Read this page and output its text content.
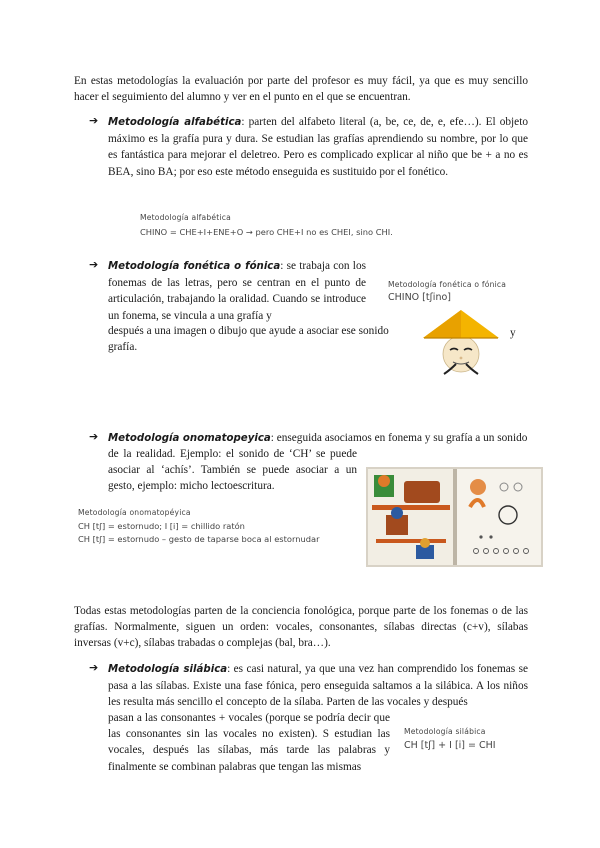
En estas metodologías la evaluación por parte del profesor es muy fácil, ya que es muy sencillo hacer el seguimiento del alumno y ver en el punto en el que se encuentran.

➔ Metodología alfabética: parten del alfabeto literal (a, be, ce, de, e, efe…). El objeto máximo es la grafía pura y dura. Se estudian las grafías aprendiendo su nombre, por lo que es fantástica para mejorar el deletreo. Pero es complicado explicar al niño que be + a no es BEA, sino BA; por eso este método enseguida es sustituido por el fonético.

Metodología alfabética
CHINO = CHE+I+ENE+O → pero CHE+I no es CHEI, sino CHI.
➔ Metodología fonética o fónica: se trabaja con los fonemas de las letras, pero se centran en el punto de articulación, trabajando la oralidad. Cuando se introduce un fonema, se vincula a una grafía y

después a una imagen o dibujo que ayude a asociar ese sonido grafía.

Metodología fonética o fónica
CHINO [tʃino]
y
➔ Metodología onomatopeyica: enseguida asociamos en fonema y su grafía a un sonido

de la realidad. Ejemplo: el sonido de ‘CH’ se puede asociar al ‘achís’. También se puede asociar a un gesto, ejemplo: micho lectoescritura.

Metodología onomatopéyica
CH [tʃ] = estornudo; I [i] = chillido ratón
CH [tʃ] = estornudo – gesto de taparse boca al estornudar

Todas estas metodologías parten de la conciencia fonológica, porque parte de los fonemas o de las grafías. Normalmente, siguen un orden: vocales, consonantes, sílabas directas (c+v), sílabas inversas (v+c), sílabas trabadas o complejas (bal, bra…).

➔ Metodología silábica: es casi natural, ya que una vez han comprendido los fonemas se pasa a las sílabas. Existe una fase fónica, pero enseguida saltamos a la silábica. A los niños les resulta más sencillo el concepto de la sílaba. Parten de las vocales y después

pasan a las consonantes + vocales (porque se podría decir que las consonantes sin las vocales no existen). S estudian las vocales, después las sílabas, más tarde las palabras y finalmente se combinan palabras que tengan las mismas

Metodología silábica
CH [tʃ] + I [i] = CHI
